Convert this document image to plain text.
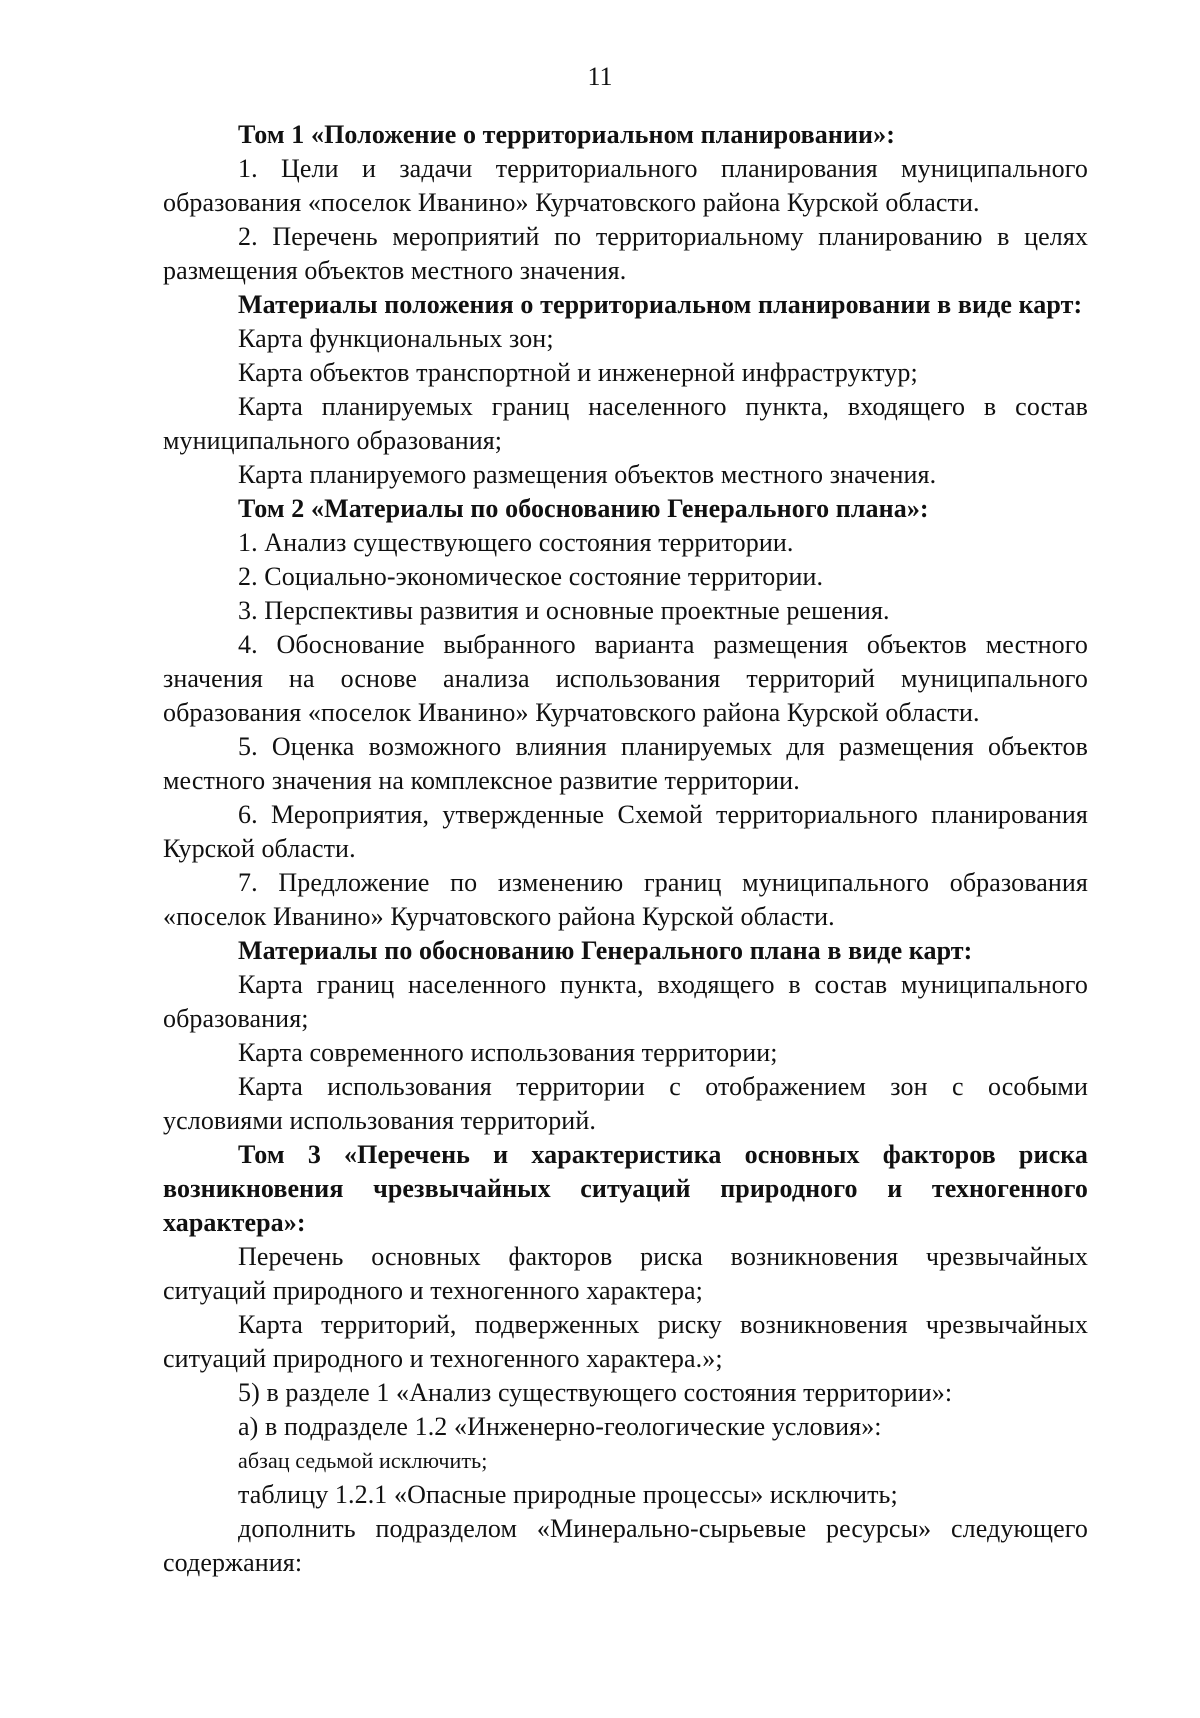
11

Том 1 «Положение о территориальном планировании»:

1. Цели и задачи территориального планирования муниципального образования «поселок Иванино» Курчатовского района Курской области.

2. Перечень мероприятий по территориальному планированию в целях размещения объектов местного значения.

Материалы положения о территориальном планировании в виде карт:

Карта функциональных зон;

Карта объектов транспортной и инженерной инфраструктур;

Карта планируемых границ населенного пункта, входящего в состав муниципального образования;

Карта планируемого размещения объектов местного значения.

Том 2 «Материалы по обоснованию Генерального плана»:

1. Анализ существующего состояния территории.

2. Социально-экономическое состояние территории.

3. Перспективы развития и основные проектные решения.

4. Обоснование выбранного варианта размещения объектов местного значения на основе анализа использования территорий муниципального образования «поселок Иванино» Курчатовского района Курской области.

5. Оценка возможного влияния планируемых для размещения объектов местного значения на комплексное развитие территории.

6. Мероприятия, утвержденные Схемой территориального планирования Курской области.

7. Предложение по изменению границ муниципального образования «поселок Иванино» Курчатовского района Курской области.

Материалы по обоснованию Генерального плана в виде карт:

Карта границ населенного пункта, входящего в состав муниципального образования;

Карта современного использования территории;

Карта использования территории с отображением зон с особыми условиями использования территорий.

Том 3 «Перечень и характеристика основных факторов риска возникновения чрезвычайных ситуаций природного и техногенного характера»:

Перечень основных факторов риска возникновения чрезвычайных ситуаций природного и техногенного характера;

Карта территорий, подверженных риску возникновения чрезвычайных ситуаций природного и техногенного характера.»;

5) в разделе 1 «Анализ существующего состояния территории»:

а) в подразделе 1.2 «Инженерно-геологические условия»:

абзац седьмой исключить;

таблицу 1.2.1 «Опасные природные процессы» исключить;

дополнить подразделом «Минерально-сырьевые ресурсы» следующего содержания:
